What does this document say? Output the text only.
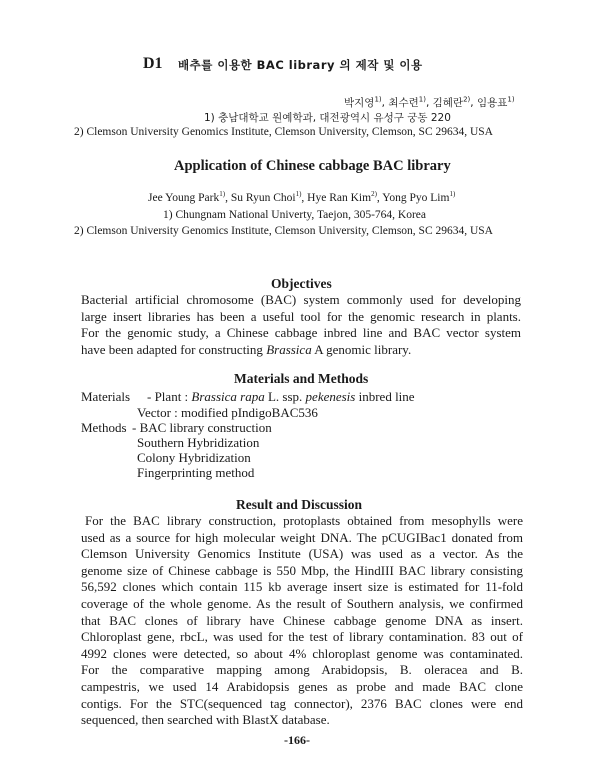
D1 배추를 이용한 BAC library 의 제작 및 이용
박지영$^{1)}$, 최수련$^{1)}$, 김혜란$^{2)}$, 임용표$^{1)}$
1) 충남대학교 원예학과, 대전광역시 유성구 궁동 220
2) Clemson University Genomics Institute, Clemson University, Clemson, SC 29634, USA
Application of Chinese cabbage BAC library
Jee Young Park$^{1)}$, Su Ryun Choi$^{1)}$, Hye Ran Kim$^{2)}$, Yong Pyo Lim$^{1)}$
1) Chungnam National Univerty, Taejon, 305-764, Korea
2) Clemson University Genomics Institute, Clemson University, Clemson, SC 29634, USA
Objectives
Bacterial artificial chromosome (BAC) system commonly used for developing
large insert libraries has been a useful tool for the genomic research in plants.
For the genomic study, a Chinese cabbage inbred line and BAC vector system
have been adapted for constructing Brassica A genomic library.
Materials and Methods
Materials - Plant : Brassica rapa L. ssp. pekenesis inbred line
Vector : modified pIndigoBAC536
Methods - BAC library construction
Southern Hybridization
Colony Hybridization
Fingerprinting method
Result and Discussion
For the BAC library construction, protoplasts obtained from mesophylls were
used as a source for high molecular weight DNA. The pCUGIBac1 donated from
Clemson University Genomics Institute (USA) was used as a vector. As the
genome size of Chinese cabbage is 550 Mbp, the HindIII BAC library consisting
56,592 clones which contain 115 kb average insert size is estimated for 11-fold
coverage of the whole genome. As the result of Southern analysis, we confirmed
that BAC clones of library have Chinese cabbage genome DNA as insert.
Chloroplast gene, rbcL, was used for the test of library contamination. 83 out of
4992 clones were detected, so about 4% chloroplast genome was contaminated.
For the comparative mapping among Arabidopsis, B. oleracea and B.
campestris, we used 14 Arabidopsis genes as probe and made BAC clone
contigs. For the STC(sequenced tag connector), 2376 BAC clones were end
sequenced, then searched with BlastX database.
-166-
